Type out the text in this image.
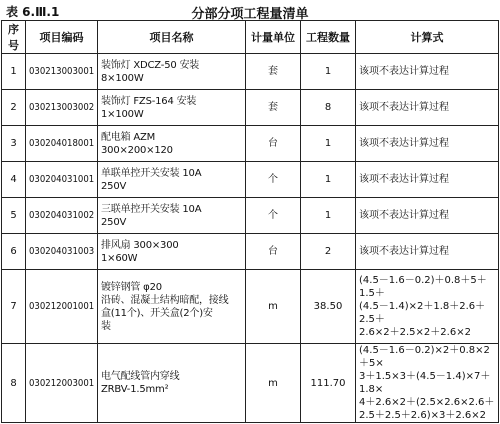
表 6.Ⅲ.1	分部分项工程量清单
序号	项目编码	项目名称	计量单位	工程数量	计算式
1	030213003001	装饰灯 XDCZ-50 安装
8×100W	套	1	该项不表达计算过程

2	030213003002	装饰灯 FZS-164 安装
1×100W	套	8	该项不表达计算过程

3	030204018001	配电箱 AZM
300×200×120	台	1	该项不表达计算过程

4	030204031001	单联单控开关安装 10A
250V	个	1	该项不表达计算过程

5	030204031002	三联单控开关安装 10A
250V	个	1	该项不表达计算过程

6	030204031003	排风扇 300×300
1×60W	台	2	该项不表达计算过程

7	030212001001	镀锌钢管 φ20
沿砖、混凝土结构暗配，接线
盒(11个)、开关盒(2个)安
装	m	38.50	(4.5－1.6－0.2)＋0.8＋5＋1.5＋
(4.5－1.4)×2＋1.8＋2.6＋2.5＋
2.6×2＋2.5×2＋2.6×2

8	030212003001	电气配线管内穿线
ZRBV-1.5mm²	m	111.70	(4.5－1.6－0.2)×2＋0.8×2＋5×
3＋1.5×3＋(4.5－1.4)×7＋1.8×
4＋2.6×2＋(2.5×2.6×2.6＋
2.5＋2.5＋2.6)×3＋2.6×2
